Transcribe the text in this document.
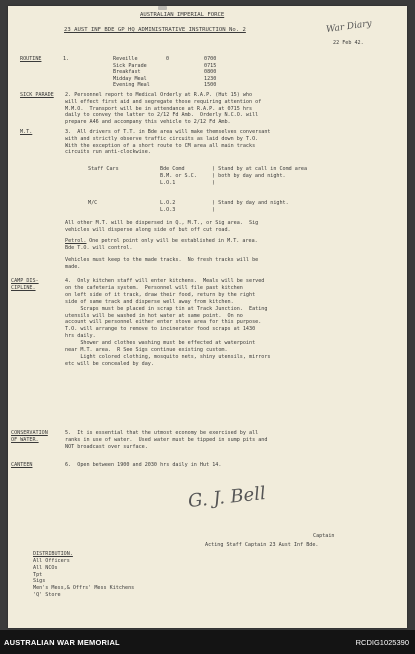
AUSTRALIAN IMPERIAL FORCE
War Diary
23 AUST INF BDE GP HQ ADMINISTRATIVE INSTRUCTION No. 2
22 Feb 42.
ROUTINE	1.	Reveille	0	0700
Sick Parade	0715
Breakfast	0800
Midday Meal	1230
Evening Meal	1500
SICK PARADE 2. Personnel report to Medical Orderly at R.A.P. (Hut 15) who
will effect first aid and segregate those requiring attention of
M.M.O.  Transport will be in attendance at R.A.P. at 0715 hrs
daily to convey the latter to 2/12 Fd Amb.  Orderly N.C.O. will
prepare A46 and accompany this vehicle to 2/12 Fd Amb.
M.T.	3.  All drivers of T.T. in Bde area will make themselves conversant
with and strictly observe traffic circuits as laid down by T.O.
With the exception of a short route to CM area all main tracks
circuits run anti-clockwise.
Staff Cars	Bde Comd
B.M. or S.C.
L.O.1
) Stand by at call in Comd area
) both by day and night.
)
M/C	L.O.2
L.O.3
) Stand by day and night.
)
All other M.T. will be dispersed in Q., M.T., or Sig area.  Sig
vehicles will disperse along side of but off cut road.
Petrol. One petrol point only will be established in M.T. area.
Bde T.O. will control.
Vehicles must keep to the made tracks.  No fresh tracks will be
made.
CAMP DIS-
CIPLINE.
4.  Only kitchen staff will enter kitchens.  Meals will be served
on the cafeteria system.  Personnel will file past kitchen
on left side of it track, draw their food, return by the right
side of same track and disperse well away from kitchen.
Scraps must be placed in scrap tin at Track Junction.  Eating
utensils will be washed in hot water at same point.  On no
account will personnel either enter stove area for this purpose.
T.O. will arrange to remove to incinerator food scraps at 1430
hrs daily.
Shower and clothes washing must be effected at waterpoint
near M.T. area.  R See Sigs continue existing custom.
Light colored clothing, mosquito nets, shiny utensils, mirrors
etc will be concealed by day.
CONSERVATION
OF WATER.
5.  It is essential that the utmost economy be exercised by all
ranks in use of water.  Used water must be tipped in sump pits and
NOT broadcast over surface.
CANTEEN	6.  Open between 1900 and 2030 hrs daily in Hut 14.
G. J. Bell
Captain
Acting Staff Captain 23 Aust Inf Bde.
DISTRIBUTION.
All Officers
All NCOs
Tpt
Sigs
Men's Mess,& Offrs' Mess Kitchens
'Q' Store
AUSTRALIAN WAR MEMORIAL	RCDIG1025390
